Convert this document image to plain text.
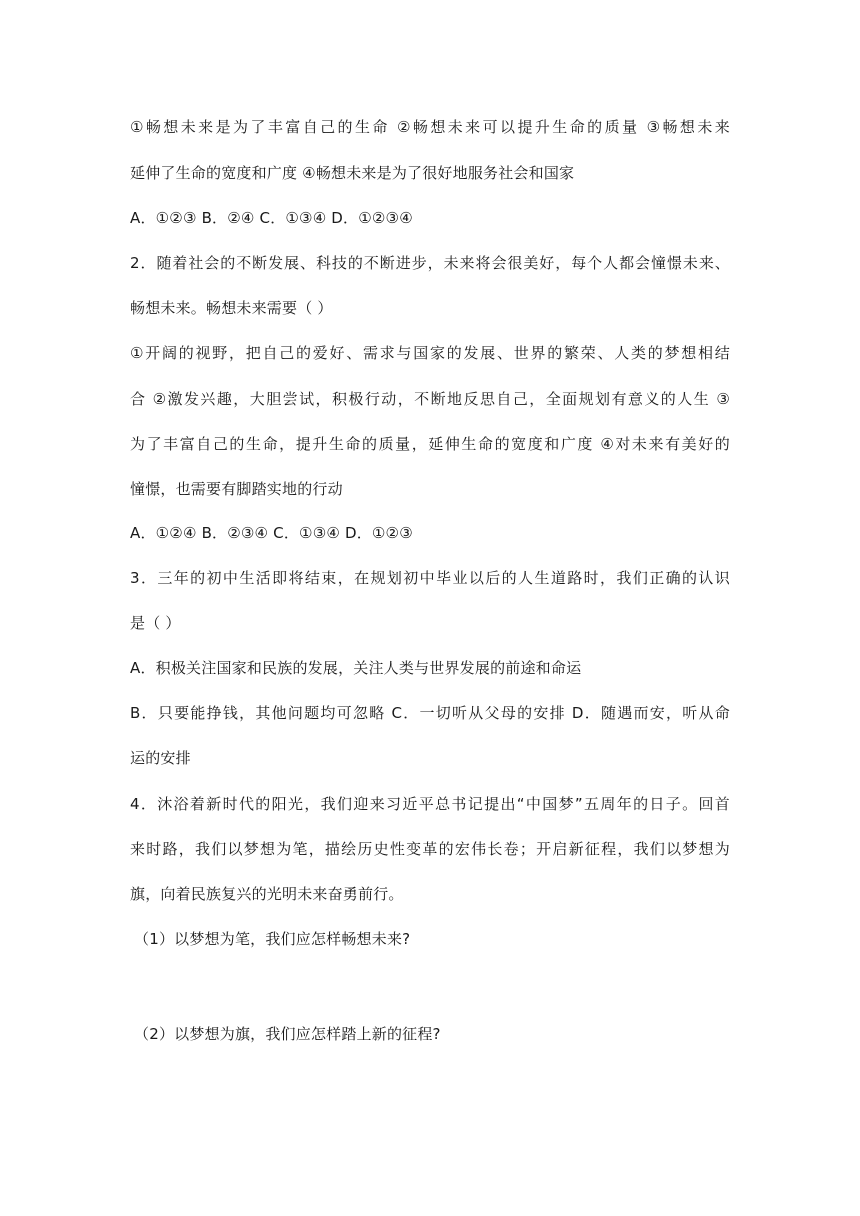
①畅想未来是为了丰富自己的生命 ②畅想未来可以提升生命的质量 ③畅想未来
延伸了生命的宽度和广度 ④畅想未来是为了很好地服务社会和国家
A．①②③ B．②④ C．①③④ D．①②③④
2．随着社会的不断发展、科技的不断进步，未来将会很美好，每个人都会憧憬未来、
畅想未来。畅想未来需要（ ）
①开阔的视野，把自己的爱好、需求与国家的发展、世界的繁荣、人类的梦想相结
合 ②激发兴趣，大胆尝试，积极行动，不断地反思自己，全面规划有意义的人生 ③
为了丰富自己的生命，提升生命的质量，延伸生命的宽度和广度 ④对未来有美好的
憧憬，也需要有脚踏实地的行动
A．①②④ B．②③④ C．①③④ D．①②③
3．三年的初中生活即将结束，在规划初中毕业以后的人生道路时，我们正确的认识
是（ ）
A．积极关注国家和民族的发展，关注人类与世界发展的前途和命运
B．只要能挣钱，其他问题均可忽略 C．一切听从父母的安排 D．随遇而安，听从命
运的安排
4．沐浴着新时代的阳光，我们迎来习近平总书记提出“中国梦”五周年的日子。回首
来时路，我们以梦想为笔，描绘历史性变革的宏伟长卷；开启新征程，我们以梦想为
旗，向着民族复兴的光明未来奋勇前行。
（1）以梦想为笔，我们应怎样畅想未来?
（2）以梦想为旗，我们应怎样踏上新的征程?
